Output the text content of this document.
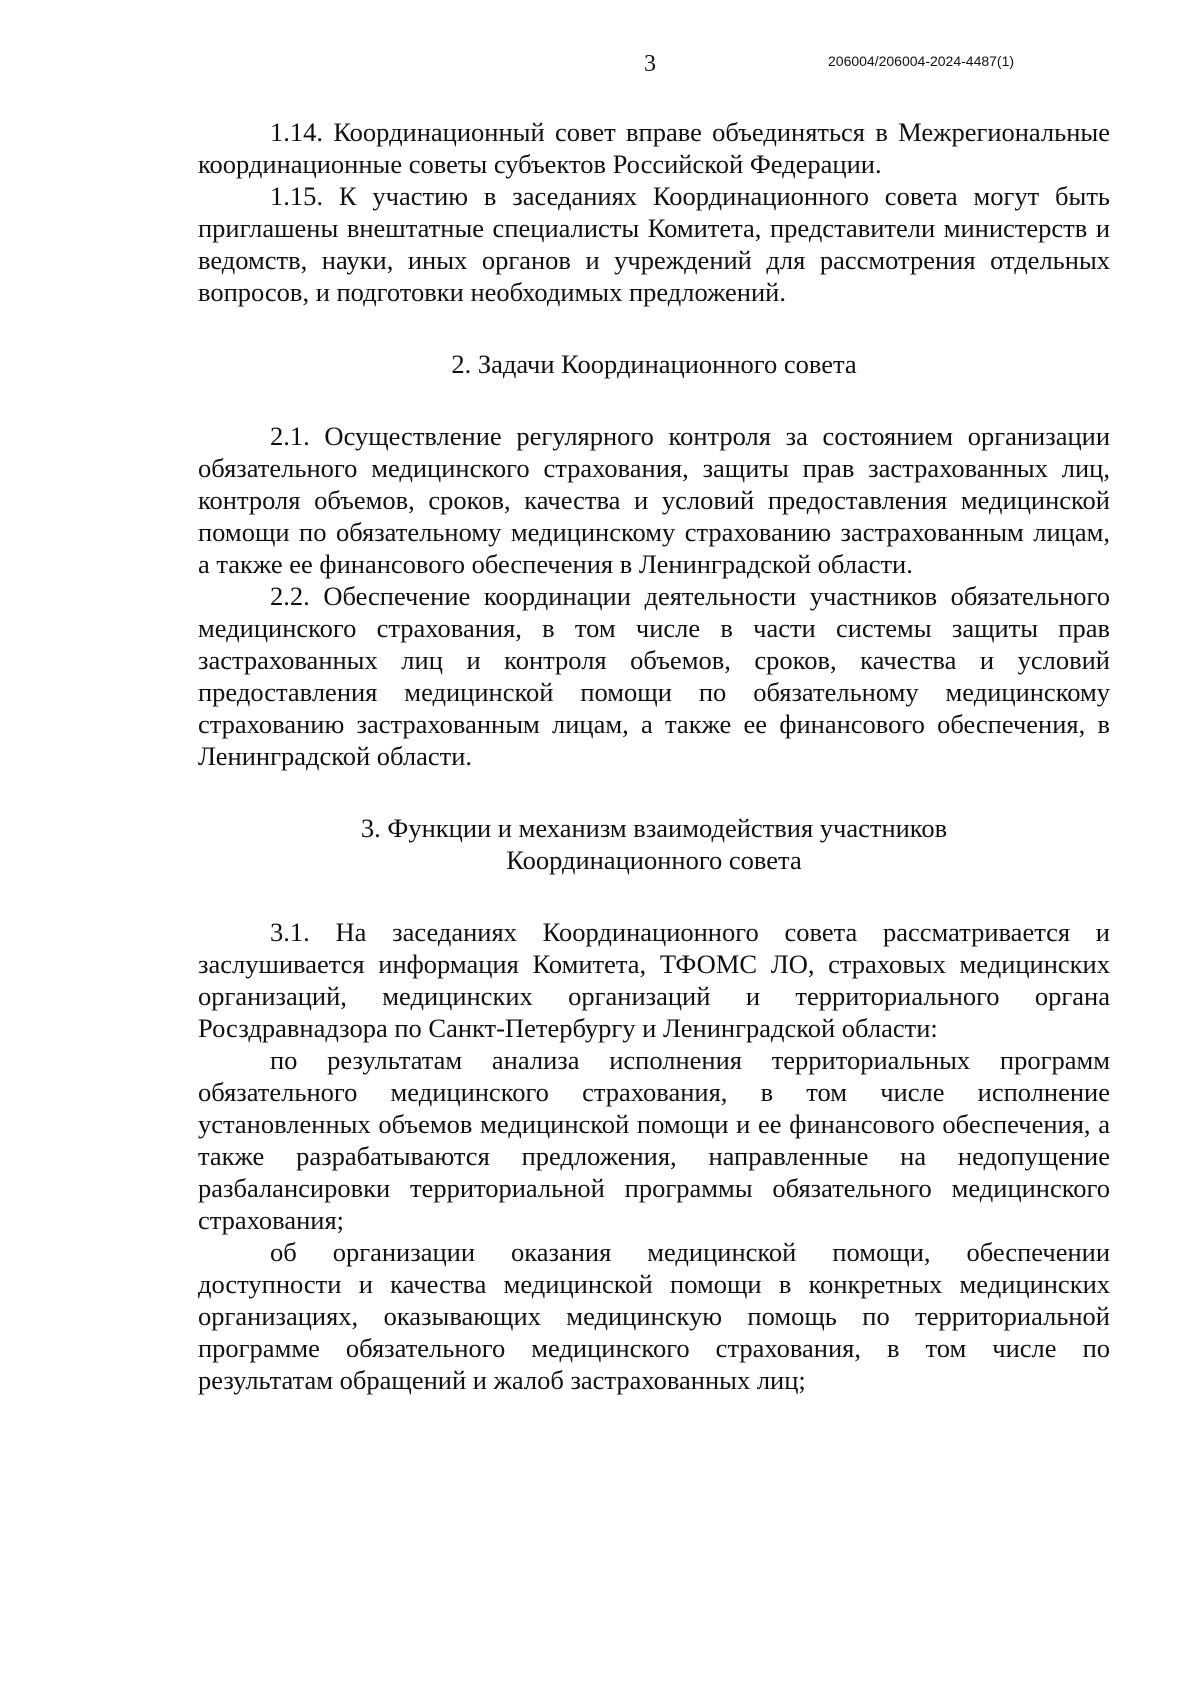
3	206004/206004-2024-4487(1)

1.14. Координационный совет вправе объединяться в Межрегиональные координационные советы субъектов Российской Федерации.

1.15. К участию в заседаниях Координационного совета могут быть приглашены внештатные специалисты Комитета, представители министерств и ведомств, науки, иных органов и учреждений для рассмотрения отдельных вопросов, и подготовки необходимых предложений.

2. Задачи Координационного совета

2.1. Осуществление регулярного контроля за состоянием организации обязательного медицинского страхования, защиты прав застрахованных лиц, контроля объемов, сроков, качества и условий предоставления медицинской помощи по обязательному медицинскому страхованию застрахованным лицам, а также ее финансового обеспечения в Ленинградской области.

2.2. Обеспечение координации деятельности участников обязательного медицинского страхования, в том числе в части системы защиты прав застрахованных лиц и контроля объемов, сроков, качества и условий предоставления медицинской помощи по обязательному медицинскому страхованию застрахованным лицам, а также ее финансового обеспечения, в Ленинградской области.

3. Функции и механизм взаимодействия участников

Координационного совета

3.1. На заседаниях Координационного совета рассматривается и заслушивается информация Комитета, ТФОМС ЛО, страховых медицинских организаций, медицинских организаций и территориального органа Росздравнадзора по Санкт-Петербургу и Ленинградской области:

по результатам анализа исполнения территориальных программ обязательного медицинского страхования, в том числе исполнение установленных объемов медицинской помощи и ее финансового обеспечения, а также разрабатываются предложения, направленные на недопущение разбалансировки территориальной программы обязательного медицинского страхования;

об организации оказания медицинской помощи, обеспечении доступности и качества медицинской помощи в конкретных медицинских организациях, оказывающих медицинскую помощь по территориальной программе обязательного медицинского страхования, в том числе по результатам обращений и жалоб застрахованных лиц;
